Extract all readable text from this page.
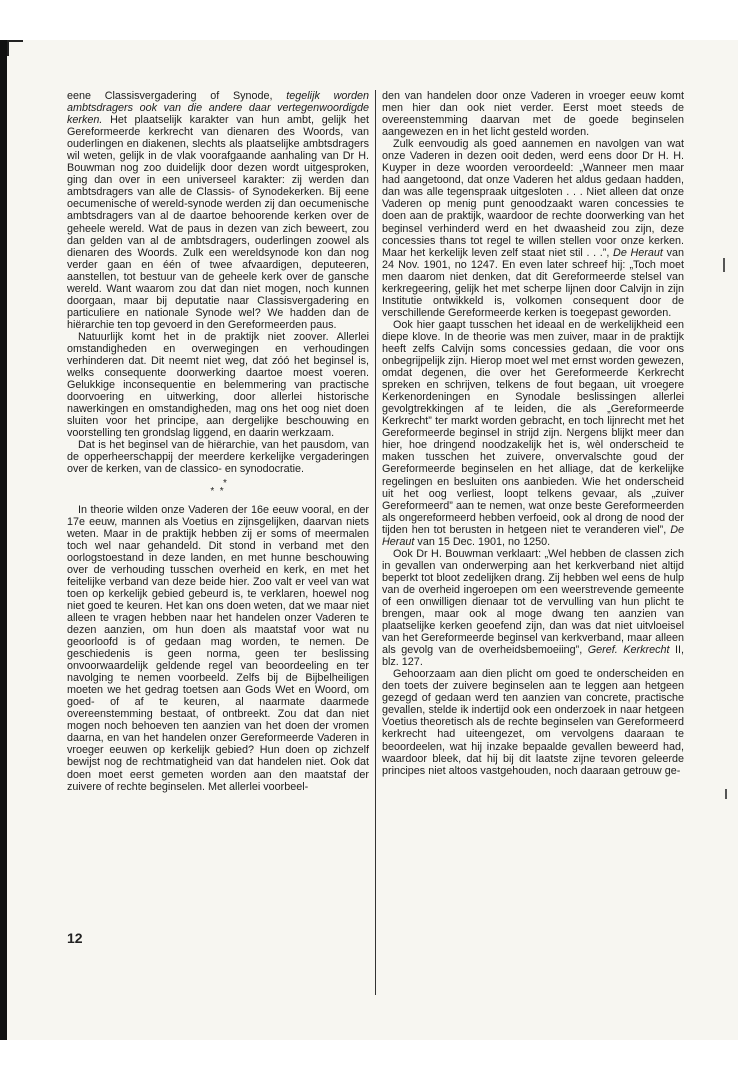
eene Classisvergadering of Synode, tegelijk worden ambtsdragers ook van die andere daar vertegenwoordigde kerken. Het plaatselijk karakter van hun ambt, gelijk het Gereformeerde kerkrecht van dienaren des Woords, van ouderlingen en diakenen, slechts als plaatselijke ambtsdragers wil weten, gelijk in de vlak voorafgaande aanhaling van Dr H. Bouwman nog zoo duidelijk door dezen wordt uitgesproken, ging dan over in een universeel karakter: zij werden dan ambtsdragers van alle de Classis- of Synodekerken. Bij eene oecumenische of wereld-synode werden zij dan oecumenische ambtsdragers van al de daartoe behoorende kerken over de geheele wereld. Wat de paus in dezen van zich beweert, zou dan gelden van al de ambtsdragers, ouderlingen zoowel als dienaren des Woords. Zulk een wereldsynode kon dan nog verder gaan en één of twee afvaardigen, deputeeren, aanstellen, tot bestuur van de geheele kerk over de gansche wereld. Want waarom zou dat dan niet mogen, noch kunnen doorgaan, maar bij deputatie naar Classisvergadering en particuliere en nationale Synode wel? We hadden dan de hiërarchie ten top gevoerd in den Gereformeerden paus.

Natuurlijk komt het in de praktijk niet zoover. Allerlei omstandigheden en overwegingen en verhoudingen verhinderen dat. Dit neemt niet weg, dat zóó het beginsel is, welks consequente doorwerking daartoe moest voeren. Gelukkige inconsequentie en belemmering van practische doorvoering en uitwerking, door allerlei historische nawerkingen en omstandigheden, mag ons het oog niet doen sluiten voor het principe, aan dergelijke beschouwing en voorstelling ten grondslag liggend, en daarin werkzaam.

Dat is het beginsel van de hiërarchie, van het pausdom, van de opperheerschappij der meerdere kerkelijke vergaderingen over de kerken, van de classico- en synodocratie.

*
* *

In theorie wilden onze Vaderen der 16e eeuw vooral, en der 17e eeuw, mannen als Voetius en zijnsgelijken, daarvan niets weten. Maar in de praktijk hebben zij er soms of meermalen toch wel naar gehandeld. Dit stond in verband met den oorlogstoestand in deze landen, en met hunne beschouwing over de verhouding tusschen overheid en kerk, en met het feitelijke verband van deze beide hier. Zoo valt er veel van wat toen op kerkelijk gebied gebeurd is, te verklaren, hoewel nog niet goed te keuren. Het kan ons doen weten, dat we maar niet alleen te vragen hebben naar het handelen onzer Vaderen te dezen aanzien, om hun doen als maatstaf voor wat nu geoorloofd is of gedaan mag worden, te nemen. De geschiedenis is geen norma, geen ter beslissing onvoorwaardelijk geldende regel van beoordeeling en ter navolging te nemen voorbeeld. Zelfs bij de Bijbelheiligen moeten we het gedrag toetsen aan Gods Wet en Woord, om goed- of af te keuren, al naarmate daarmede overeenstemming bestaat, of ontbreekt. Zou dat dan niet mogen noch behoeven ten aanzien van het doen der vromen daarna, en van het handelen onzer Gereformeerde Vaderen in vroeger eeuwen op kerkelijk gebied? Hun doen op zichzelf bewijst nog de rechtmatigheid van dat handelen niet. Ook dat doen moet eerst gemeten worden aan den maatstaf der zuivere of rechte beginselen. Met allerlei voorbeel-

den van handelen door onze Vaderen in vroeger eeuw komt men hier dan ook niet verder. Eerst moet steeds de overeenstemming daarvan met de goede beginselen aangewezen en in het licht gesteld worden.

Zulk eenvoudig als goed aannemen en navolgen van wat onze Vaderen in dezen ooit deden, werd eens door Dr H. H. Kuyper in deze woorden veroordeeld: „Wanneer men maar had aangetoond, dat onze Vaderen het aldus gedaan hadden, dan was alle tegenspraak uitgesloten . . . Niet alleen dat onze Vaderen op menig punt genoodzaakt waren concessies te doen aan de praktijk, waardoor de rechte doorwerking van het beginsel verhinderd werd en het dwaasheid zou zijn, deze concessies thans tot regel te willen stellen voor onze kerken. Maar het kerkelijk leven zelf staat niet stil . . .”, De Heraut van 24 Nov. 1901, no 1247. En even later schreef hij: „Toch moet men daarom niet denken, dat dit Gereformeerde stelsel van kerkregeering, gelijk het met scherpe lijnen door Calvijn in zijn Institutie ontwikkeld is, volkomen consequent door de verschillende Gereformeerde kerken is toegepast geworden.

Ook hier gaapt tusschen het ideaal en de werkelijkheid een diepe klove. In de theorie was men zuiver, maar in de praktijk heeft zelfs Calvijn soms concessies gedaan, die voor ons onbegrijpelijk zijn. Hierop moet wel met ernst worden gewezen, omdat degenen, die over het Gereformeerde Kerkrecht spreken en schrijven, telkens de fout begaan, uit vroegere Kerkenordeningen en Synodale beslissingen allerlei gevolgtrekkingen af te leiden, die als „Gereformeerde Kerkrecht” ter markt worden gebracht, en toch lijnrecht met het Gereformeerde beginsel in strijd zijn. Nergens blijkt meer dan hier, hoe dringend noodzakelijk het is, wèl onderscheid te maken tusschen het zuivere, onvervalschte goud der Gereformeerde beginselen en het alliage, dat de kerkelijke regelingen en besluiten ons aanbieden. Wie het onderscheid uit het oog verliest, loopt telkens gevaar, als „zuiver Gereformeerd” aan te nemen, wat onze beste Gereformeerden als ongereformeerd hebben verfoeid, ook al drong de nood der tijden hen tot berusten in hetgeen niet te veranderen viel”, De Heraut van 15 Dec. 1901, no 1250.

Ook Dr H. Bouwman verklaart: „Wel hebben de classen zich in gevallen van onderwerping aan het kerkverband niet altijd beperkt tot bloot zedelijken drang. Zij hebben wel eens de hulp van de overheid ingeroepen om een weerstrevende gemeente of een onwilligen dienaar tot de vervulling van hun plicht te brengen, maar ook al moge dwang ten aanzien van plaatselijke kerken geoefend zijn, dan was dat niet uitvloeisel van het Gereformeerde beginsel van kerkverband, maar alleen als gevolg van de overheidsbemoeiing”, Geref. Kerkrecht II, blz. 127.

Gehoorzaam aan dien plicht om goed te onderscheiden en den toets der zuivere beginselen aan te leggen aan hetgeen gezegd of gedaan werd ten aanzien van concrete, practische gevallen, stelde ik indertijd ook een onderzoek in naar hetgeen Voetius theoretisch als de rechte beginselen van Gereformeerd kerkrecht had uiteengezet, om vervolgens daaraan te beoordeelen, wat hij inzake bepaalde gevallen beweerd had, waardoor bleek, dat hij bij dit laatste zijne tevoren geleerde principes niet altoos vastgehouden, noch daaraan getrouw ge-

12
